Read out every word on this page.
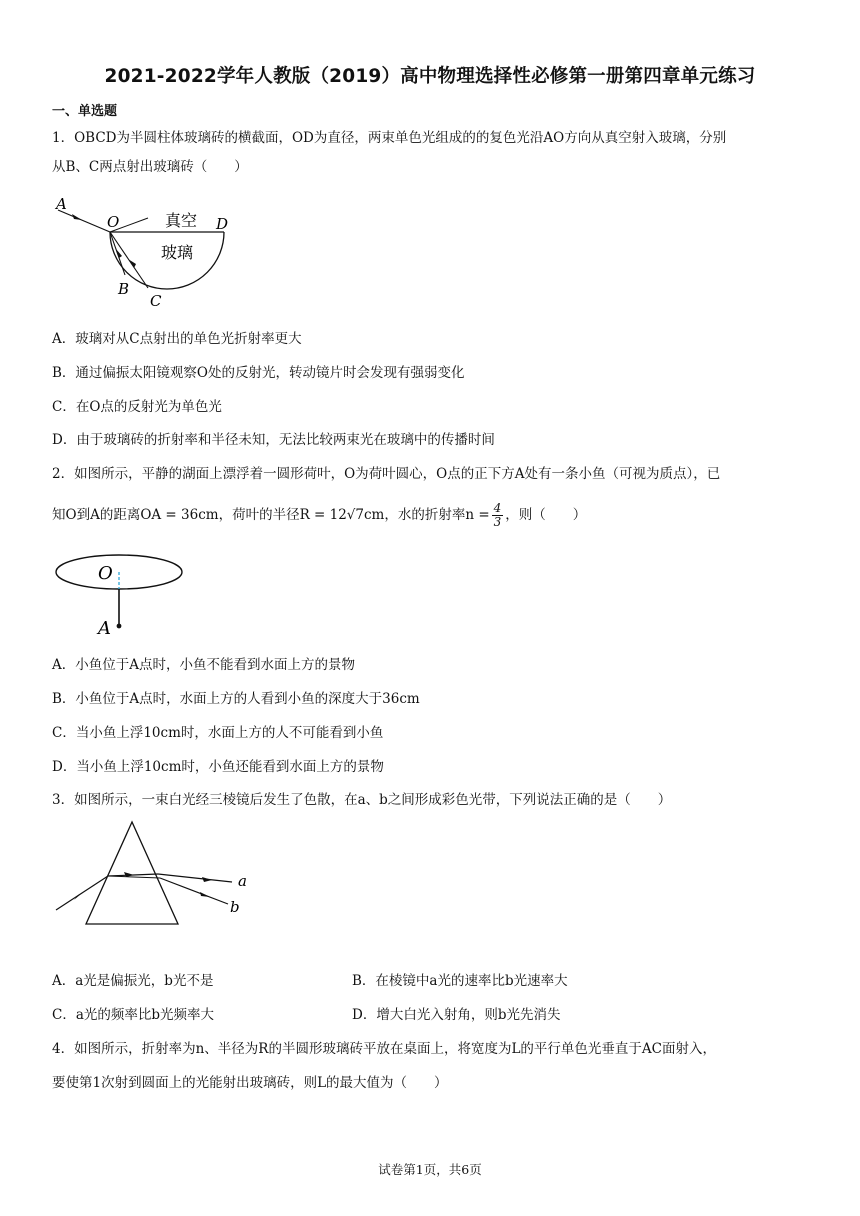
2021-2022学年人教版（2019）高中物理选择性必修第一册第四章单元练习
一、单选题
1．OBCD为半圆柱体玻璃砖的横截面，OD为直径，两束单色光组成的的复色光沿AO方向从真空射入玻璃，分别
从B、C两点射出玻璃砖（　　）
A
O	D
真空
玻璃
B
C
A．玻璃对从C点射出的单色光折射率更大
B．通过偏振太阳镜观察O处的反射光，转动镜片时会发现有强弱变化
C．在O点的反射光为单色光
D．由于玻璃砖的折射率和半径未知，无法比较两束光在玻璃中的传播时间
2．如图所示，平静的湖面上漂浮着一圆形荷叶，O为荷叶圆心，O点的正下方A处有一条小鱼（可视为质点），已
知O到A的距离OA = 36cm，荷叶的半径R = 12√7cm，水的折射率$n = \frac{4}{3}$ ，则（　　）
O
A
A．小鱼位于A点时，小鱼不能看到水面上方的景物
B．小鱼位于A点时，水面上方的人看到小鱼的深度大于36cm
C．当小鱼上浮10cm时，水面上方的人不可能看到小鱼
D．当小鱼上浮10cm时，小鱼还能看到水面上方的景物
3．如图所示，一束白光经三棱镜后发生了色散，在a、b之间形成彩色光带，下列说法正确的是（　　）
a
b
A．a光是偏振光，b光不是	B．在棱镜中a光的速率比b光速率大
C．a光的频率比b光频率大	D．增大白光入射角，则b光先消失
4．如图所示，折射率为n、半径为R的半圆形玻璃砖平放在桌面上，将宽度为L的平行单色光垂直于AC面射入，
要使第1次射到圆面上的光能射出玻璃砖，则L的最大值为（　　）
试卷第1页，共6页
